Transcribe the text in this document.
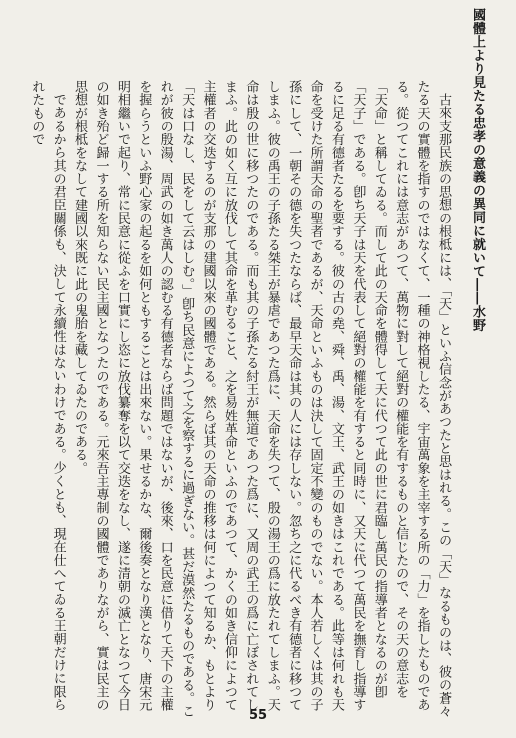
國體上より見たる忠孝の意義の異同に就いて――水野

古來支那民族の思想の根柢には、「天」といふ信念があつたと思はれる。この「天」なるものは、彼の蒼々たる天の實體を指すのではなくて、一種の神格視したる、宇宙萬象を主宰する所の「力」を指したものである。從つてこれには意志があつて、萬物に對して絕對の權能を有するものと信じたので、その天の意志を「天命」と稱してゐる。而して此の天命を體得して天に代つて此の世に君臨し萬民の指導者となるのが卽「天子」である。卽ち天子は天を代表して絕對の權能を有すると同時に、又天に代つて萬民を撫育し指導するに足る有德者たるを要する。彼の古の堯、舜、禹、湯、文王、武王の如きはこれである。此等は何れも天命を受けた所謂天命の聖者であるが、天命といふものは決して固定不變のものでない。本人若しくは其の子孫にして、一朝その德を失つたならば、最早天命は其の人には存しない。忽ち之に代るべき有德者に移つてしまふ。彼の禹王の子孫たる桀王が暴虐であつた爲に、天命を失つて、殷の湯王の爲に放たれてしまふ。天命は殷の世に移つたのである。而も其の子孫たる紂王が無道であつた爲に、又周の武王の爲に亡ぼされてしまふ。此の如く互に放伐して其命を革むること、之を易姓革命といふのであつて、かくの如き信仰によつて主權者の交迭するのが支那の建國以來の國體である。然らば其の天命の推移は何によつて知るか、もとより「天は口なし、民をして云はしむ。」卽ち民意によつて之を察するに過ぎない。甚だ漠然たるものである。これが彼の殷湯、周武の如き萬人の認むる有德者ならば問題ではないが、後來、口を民意に借りて天下の主權を握らうといふ野心家の起るを如何ともすることは出來ない。果せるかな、爾後奏となり漢となり、唐宋元明相繼いで起り、常に民意に從ふを口實にし恣に放伐纂奪を以て交迭をなし、遂に清朝の滅亡となつて今日の如き殆ど歸一する所を知らない民主國となつたのである。元來吾主專制の國體でありながら、實は民主の思想が根柢をなして建國以來既に此の鬼胎を藏してゐたのである。

であるから其の君臣關係も、決して永續性はないわけである。少くとも、現在仕へてゐる王朝だけに限られたもので

55
